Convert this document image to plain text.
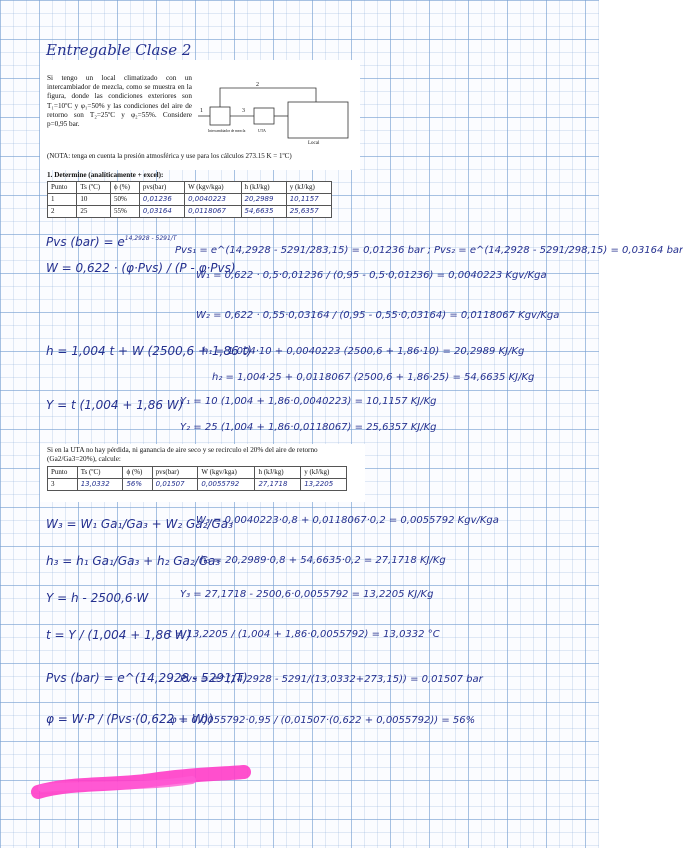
Entregable Clase 2
Si tengo un local climatizado con un intercambiador de mezcla, como se muestra en la figura, donde las condiciones exteriores son T₁=10ºC y φ₁=50% y las condiciones del aire de retorno son T₂=25ºC y φ₂=55%. Considere p=0,95 bar.
1
2
3
Intercambiador de mezcla	UTA
Local
(NOTA: tenga en cuenta la presión atmosférica y use para los cálculos 273.15 K = 1ºC)
1. Determine (analíticamente + excel):
Punto	Ts (ºC)	ϕ (%)	pvs(bar)	W (kgv/kga)	h (kJ/kg)	y (kJ/kg)
1	10	50%	0,01236	0,0040223	20,2989	10,1157
2	25	55%	0,03164	0,0118067	54,6635	25,6357
Pvs $(bar) = e^{14,2928 - 5291/T}$
Pvs₁ = e^(14,2928 - 5291/283,15) = 0,01236 bar ; Pvs₂ = e^(14,2928 - 5291/298,15) = 0,03164 bar
W = 0,622 · (φ·Pvs) / (P - φ·Pvs)
W₁ = 0,622 · 0,5·0,01236 / (0,95 - 0,5·0,01236) = 0,0040223 Kgv/Kga
W₂ = 0,622 · 0,55·0,03164 / (0,95 - 0,55·0,03164) = 0,0118067 Kgv/Kga
h = 1,004 t + W (2500,6 + 1,86 t)
h₁ = 1,004·10 + 0,0040223 (2500,6 + 1,86·10) = 20,2989 KJ/Kg
h₂ = 1,004·25 + 0,0118067 (2500,6 + 1,86·25) = 54,6635 KJ/Kg
Y = t (1,004 + 1,86 W)
Y₁ = 10 (1,004 + 1,86·0,0040223) = 10,1157 KJ/Kg
Y₂ = 25 (1,004 + 1,86·0,0118067) = 25,6357 KJ/Kg
Si en la UTA no hay pérdida, ni ganancia de aire seco y se recirculo el 20% del aire de retorno (Ga2/Ga3=20%), calcule:
Punto	Ts (ºC)	ϕ (%)	pvs(bar)	W (kgv/kga)	h (kJ/kg)	y (kJ/kg)
3	13,0332	56%	0,01507	0,0055792	27,1718	13,2205
W₃ = W₁ Ga₁/Ga₃ + W₂ Ga₂/Ga₃
W₃ = 0,0040223·0,8 + 0,0118067·0,2 = 0,0055792 Kgv/Kga
h₃ = h₁ Ga₁/Ga₃ + h₂ Ga₂/Ga₃
h₃ = 20,2989·0,8 + 54,6635·0,2 = 27,1718 KJ/Kg
Y = h - 2500,6·W	Y₃ = 27,1718 - 2500,6·0,0055792 = 13,2205 KJ/Kg
t = Y / (1,004 + 1,86 W)
t = 13,2205 / (1,004 + 1,86·0,0055792) = 13,0332 °C
Pvs (bar) = e^(14,2928 - 5291/T)
Pvs = e^(14,2928 - 5291/(13,0332+273,15)) = 0,01507 bar
φ = W·P / (Pvs·(0,622 + W))
φ = 0,0055792·0,95 / (0,01507·(0,622 + 0,0055792)) = 56%
